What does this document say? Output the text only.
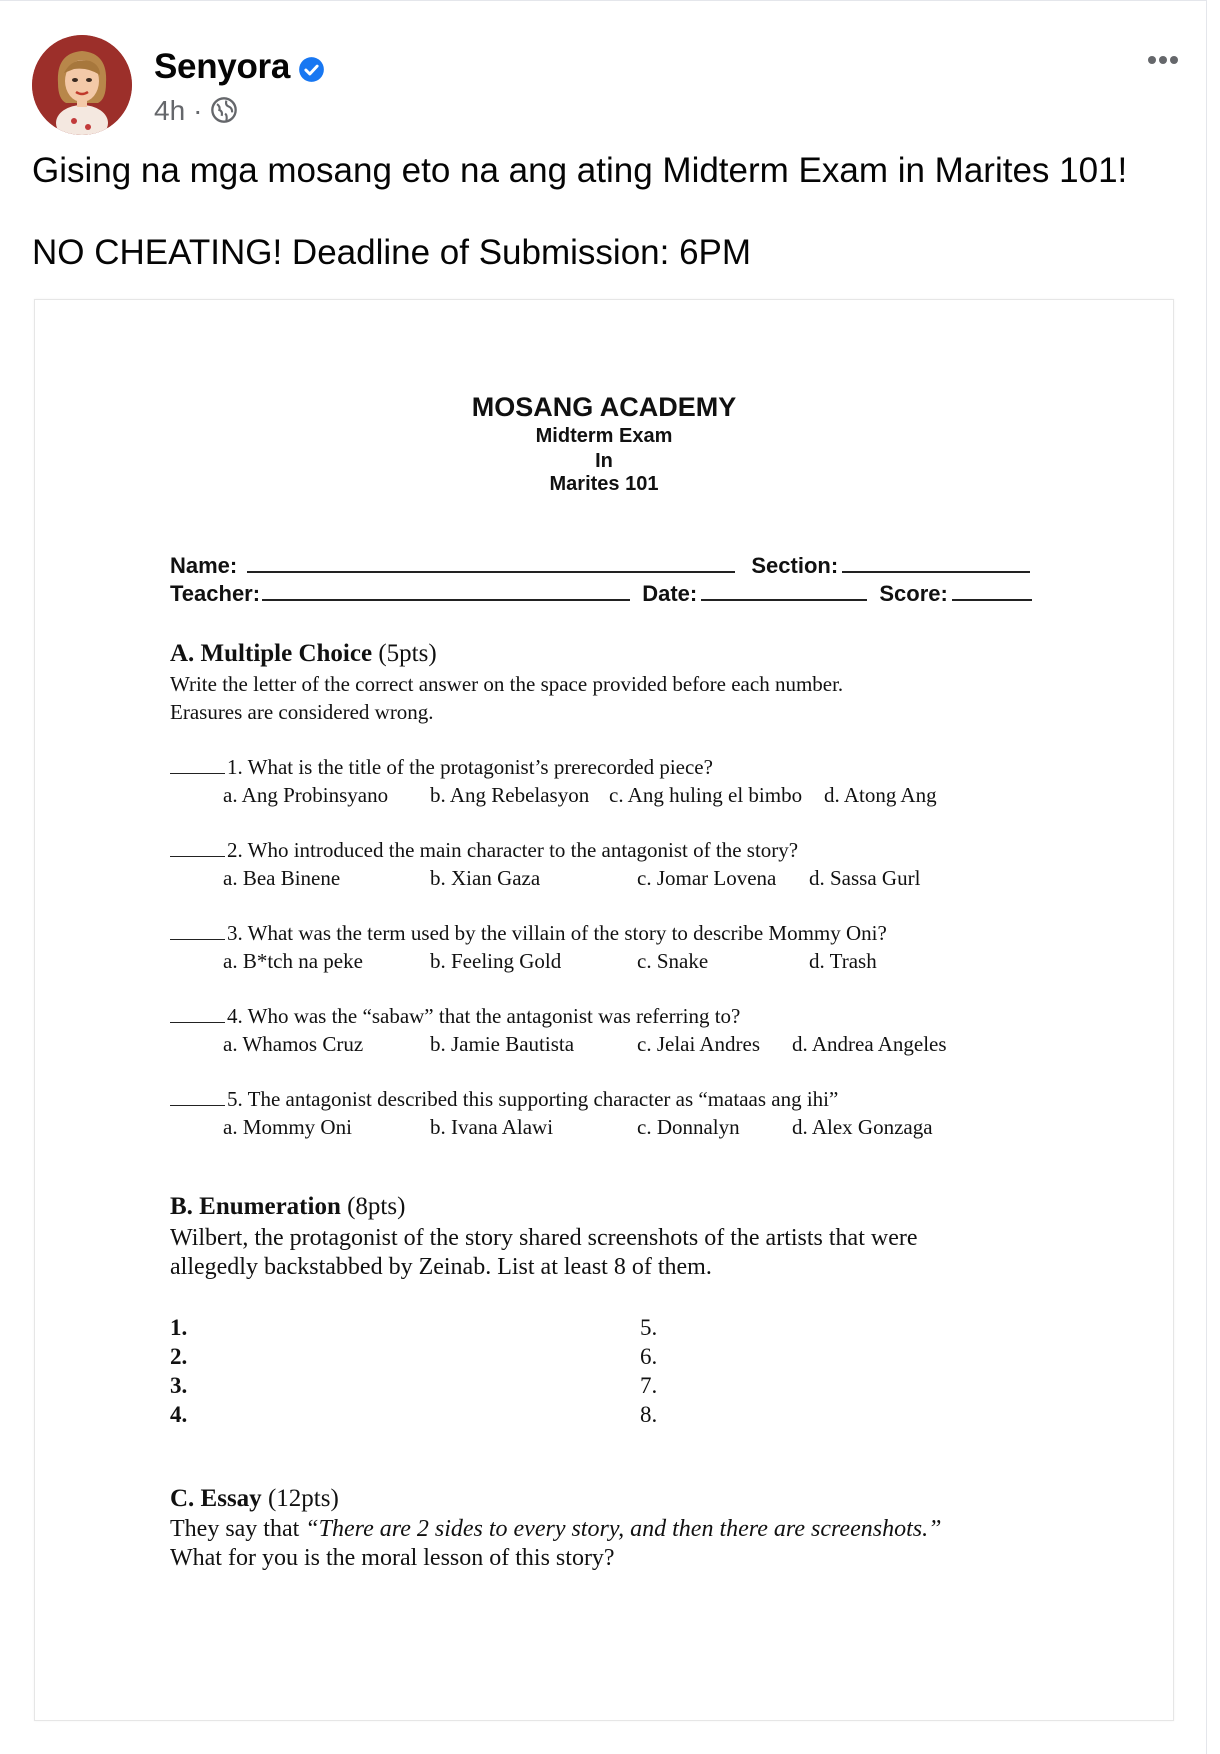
Senyora
4h ·
Gising na mga mosang eto na ang ating Midterm Exam in Marites 101!
NO CHEATING! Deadline of Submission: 6PM
MOSANG ACADEMY
Midterm Exam
In
Marites 101
Name:	Section:
Teacher:	Date:	Score:
A. Multiple Choice (5pts)
Write the letter of the correct answer on the space provided before each number.
Erasures are considered wrong.
1. What is the title of the protagonist’s prerecorded piece?
a. Ang Probinsyano b. Ang Rebelasyon c. Ang huling el bimbo d. Atong Ang
2. Who introduced the main character to the antagonist of the story?
a. Bea Binene	b. Xian Gaza	c. Jomar Lovena d. Sassa Gurl
3. What was the term used by the villain of the story to describe Mommy Oni?
a. B*tch na peke	b. Feeling Gold	c. Snake	d. Trash
4. Who was the “sabaw” that the antagonist was referring to?
a. Whamos Cruz	b. Jamie Bautista	c. Jelai Andres d. Andrea Angeles
5. The antagonist described this supporting character as “mataas ang ihi”
a. Mommy Oni	b. Ivana Alawi	c. Donnalyn d. Alex Gonzaga
B. Enumeration (8pts)
Wilbert, the protagonist of the story shared screenshots of the artists that were
allegedly backstabbed by Zeinab. List at least 8 of them.
1.
2.
3.
4.
5.
6.
7.
8.
C. Essay (12pts)
They say that “There are 2 sides to every story, and then there are screenshots.”
What for you is the moral lesson of this story?
